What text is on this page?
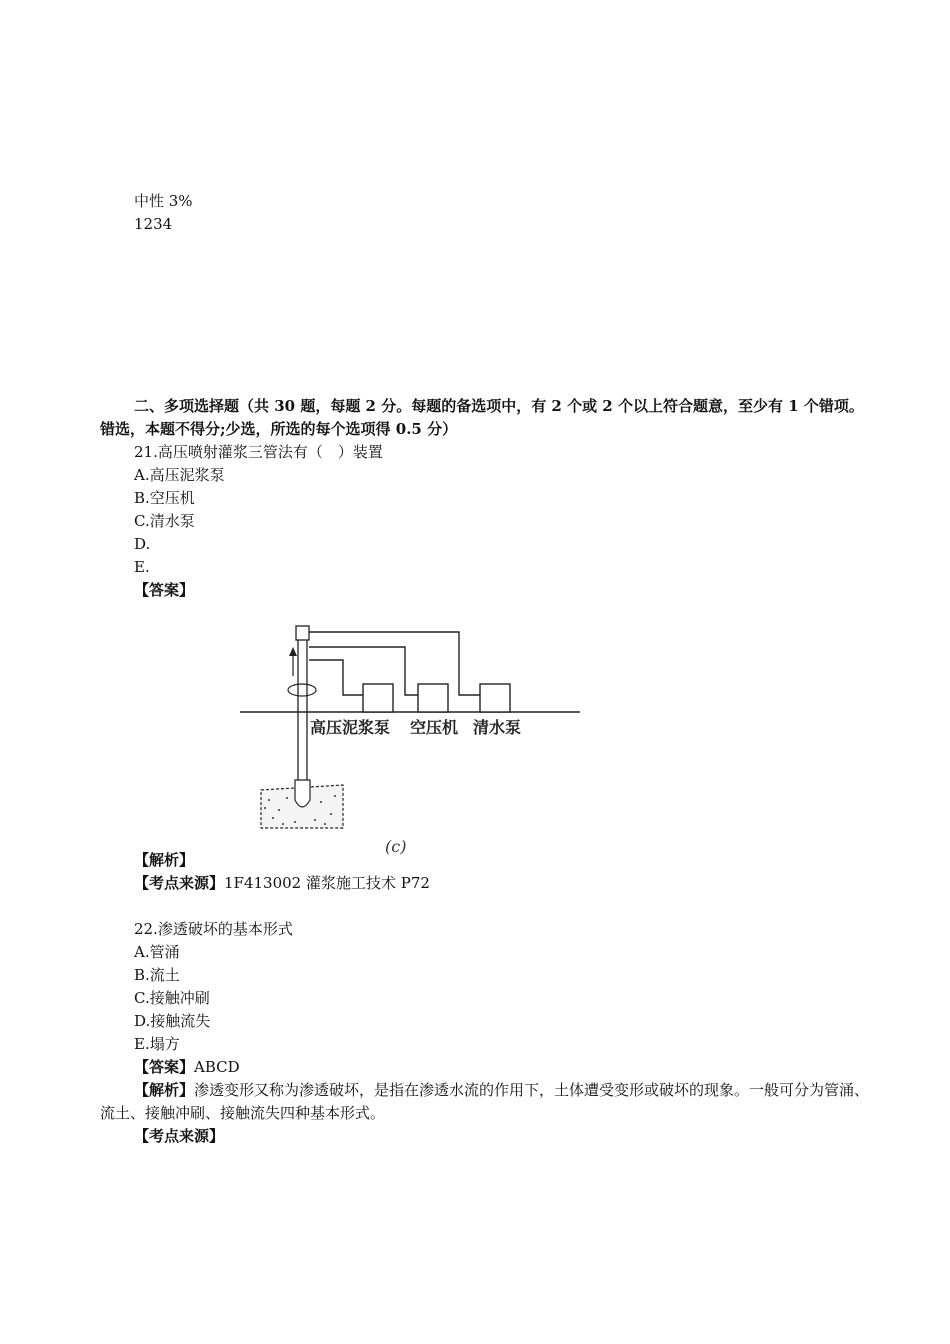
中性 3%
1234
二、多项选择题（共 30 题，每题 2 分。每题的备选项中，有 2 个或 2 个以上符合题意，至少有 1 个错项。错选，本题不得分;少选，所选的每个选项得 0.5 分）
21.高压喷射灌浆三管法有（　）装置
A.高压泥浆泵
B.空压机
C.清水泵
D.
E.
【答案】
高压泥浆泵 空压机 清水泵
(c)
【解析】
【考点来源】1F413002 灌浆施工技术 P72
22.渗透破坏的基本形式
A.管涌
B.流土
C.接触冲刷
D.接触流失
E.塌方
【答案】ABCD
【解析】渗透变形又称为渗透破坏，是指在渗透水流的作用下，土体遭受变形或破坏的现象。一般可分为管涌、流土、接触冲刷、接触流失四种基本形式。
【考点来源】
